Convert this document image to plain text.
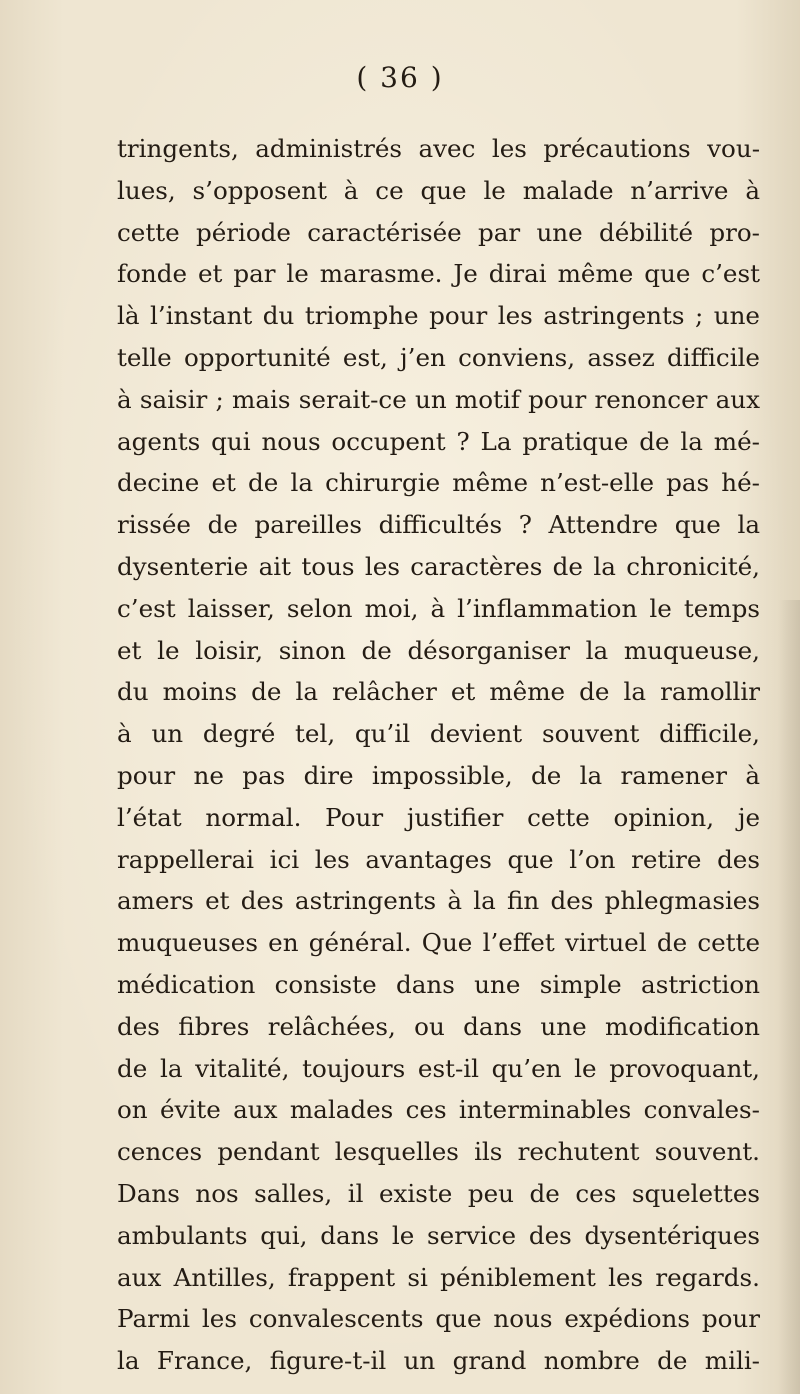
( 36 )
tringents, administrés avec les précautions vou-
lues, s’opposent à ce que le malade n’arrive à
cette période caractérisée par une débilité pro-
fonde et par le marasme. Je dirai même que c’est
là l’instant du triomphe pour les astringents ; une
telle opportunité est, j’en conviens, assez difficile
à saisir ; mais serait-ce un motif pour renoncer aux
agents qui nous occupent ? La pratique de la mé-
decine et de la chirurgie même n’est-elle pas hé-
rissée de pareilles difficultés ? Attendre que la
dysenterie ait tous les caractères de la chronicité,
c’est laisser, selon moi, à l’inflammation le temps
et le loisir, sinon de désorganiser la muqueuse,
du moins de la relâcher et même de la ramollir
à un degré tel, qu’il devient souvent difficile,
pour ne pas dire impossible, de la ramener à
l’état normal. Pour justifier cette opinion, je
rappellerai ici les avantages que l’on retire des
amers et des astringents à la fin des phlegmasies
muqueuses en général. Que l’effet virtuel de cette
médication consiste dans une simple astriction
des fibres relâchées, ou dans une modification
de la vitalité, toujours est-il qu’en le provoquant,
on évite aux malades ces interminables convales-
cences pendant lesquelles ils rechutent souvent.
Dans nos salles, il existe peu de ces squelettes
ambulants qui, dans le service des dysentériques
aux Antilles, frappent si péniblement les regards.
Parmi les convalescents que nous expédions pour
la France, figure-t-il un grand nombre de mili-
